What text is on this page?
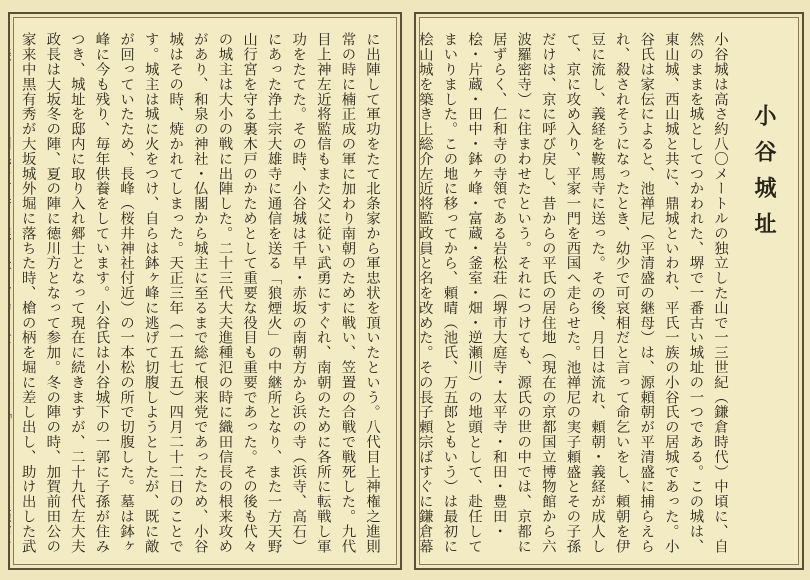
に出陣して軍功をたて北条家から軍忠状を頂いたという。八代目上神権之進則常の時に楠正成の軍に加わり南朝のために戦い、笠置の合戦で戦死した。九代目上神左近将監信もまた父に従い武勇にすぐれ、南朝のために各所に転戦し軍功をたてた。その時、小谷城は千早・赤坂の南朝方から浜の寺（浜寺、高石）にあった浄土宗大雄寺に通信を送る「狼煙火」の中継所となり、また一方天野山行宮を守る裏木戸のかためとして重要な役目も重要であった。その後も代々の城主は大小の戦に出陣した。二十三代大夫進種氾の時に織田信長の根来攻めがあり、和泉の神社・仏閣から城主に至るまで総て根来党であったため、小谷城はその時、焼かれてしまった。天正三年（一五七五）四月二十二日のことです。城主は城に火をつけ、自らは鉢ヶ峰に逃げて切腹しようとしたが、既に敵が回っていたため、長峰（桜井神社付近）の一本松の所で切腹した。墓は鉢ヶ峰に今も残り、毎年供養をしています。小谷氏は小谷城下の一郭に子孫が住みつき、城址を邸内に取り入れ郷士となって現在に続きますが、二十九代左大夫政長は大坂冬の陣、夏の陣に徳川方となって参加。冬の陣の時、加賀前田公の家来中黒有秀が大坂城外堀に落ちた時、槍の柄を堀に差し出し、助け出した武
小谷城址
小谷城は高さ約八〇メートルの独立した山で一三世紀（鎌倉時代）中頃に、自然のままを城としてつかわれた、堺で一番古い城址の一つである。この城は、東山城、西山城と共に、鼎城といわれ、平氏一族の小谷氏の居城であった。小谷氏は家伝によると、池禅尼（平清盛の継母）は、源頼朝が平清盛に捕らえられ、殺されそうになったとき、幼少で可哀相だと言って命乞いをし、頼朝を伊豆に流し、義経を鞍馬寺に送った。その後、月日は流れ、頼朝・義経が成人して、京に攻め入り、平家一門を西国へ走らせた。池禅尼の実子頼盛とその子孫だけは、京に呼び戻し、昔からの平氏の居住地（現在の京都国立博物館から六波羅密寺）に住まわせたという。それにつけても、源氏の世の中では、京都に居ずらく、仁和寺の寺領である岩松荘（堺市大庭寺・太平寺・和田・豊田・桧・片蔵・田中・鉢ヶ峰・富蔵・釜室・畑・逆瀬川）の地頭として、赴任してまいりました。この地に移ってから、頼晴（池氏、万五郎ともいう）は最初に桧山城を築き上総介左近将監政員と名を改めた。その長子頼宗ばすぐに鎌倉幕
